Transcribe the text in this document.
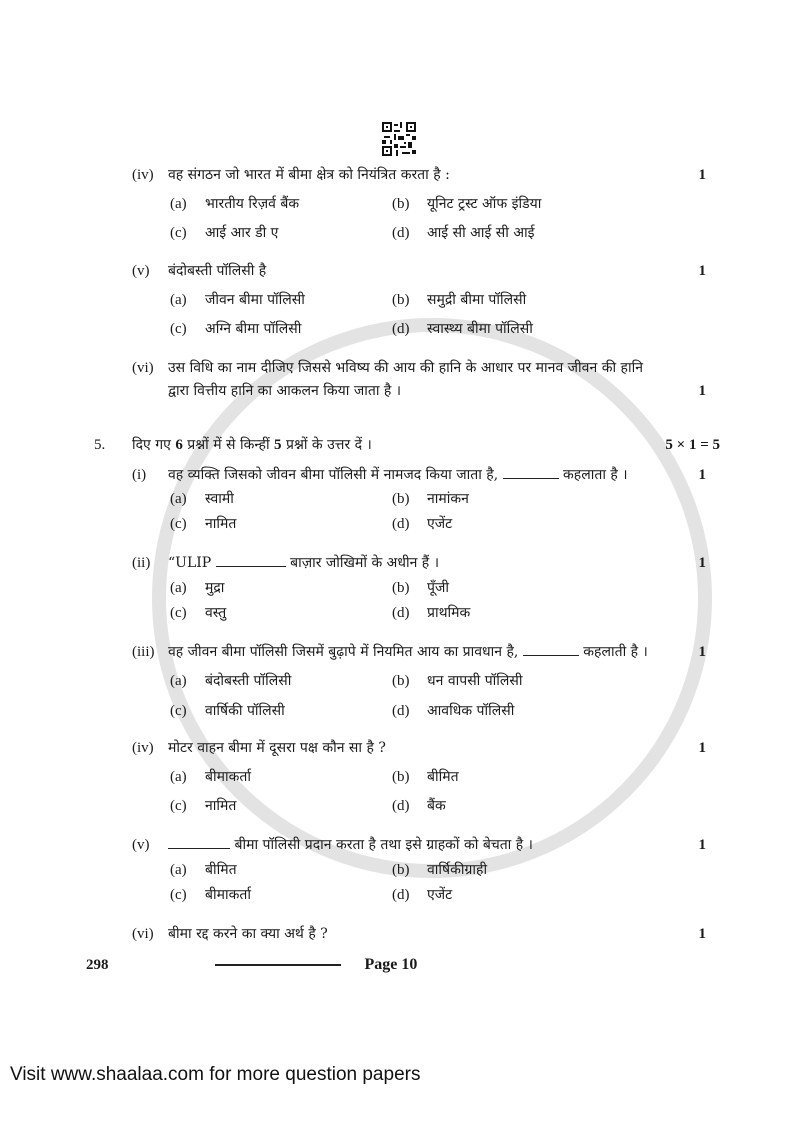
(iv)	वह संगठन जो भारत में बीमा क्षेत्र को नियंत्रित करता है :	1
(a)	भारतीय रिज़र्व बैंक	(b)	यूनिट ट्रस्ट ऑफ इंडिया
(c)	आई आर डी ए	(d)	आई सी आई सी आई
(v)	बंदोबस्ती पॉलिसी है	1
(a)	जीवन बीमा पॉलिसी	(b)	समुद्री बीमा पॉलिसी
(c)	अग्नि बीमा पॉलिसी	(d)	स्वास्थ्य बीमा पॉलिसी
(vi)	उस विधि का नाम दीजिए जिससे भविष्य की आय की हानि के आधार पर मानव जीवन की हानि
द्वारा वित्तीय हानि का आकलन किया जाता है ।	1
5.	दिए गए 6 प्रश्नों में से किन्हीं 5 प्रश्नों के उत्तर दें ।	5 × 1 = 5
(i)	वह व्यक्ति जिसको जीवन बीमा पॉलिसी में नामजद किया जाता है,	कहलाता है ।	1
(a)	स्वामी	(b)	नामांकन
(c)	नामित	(d)	एजेंट
(ii)	“ULIP	बाज़ार जोखिमों के अधीन हैं ।	1
(a)	मुद्रा	(b)	पूँजी
(c)	वस्तु	(d)	प्राथमिक
(iii) वह जीवन बीमा पॉलिसी जिसमें बुढ़ापे में नियमित आय का प्रावधान है,	कहलाती है ।	1
(a)	बंदोबस्ती पॉलिसी	(b)	धन वापसी पॉलिसी
(c)	वार्षिकी पॉलिसी	(d)	आवधिक पॉलिसी
(iv)	मोटर वाहन बीमा में दूसरा पक्ष कौन सा है ?	1
(a)	बीमाकर्ता	(b)	बीमित
(c)	नामित	(d)	बैंक
(v)	बीमा पॉलिसी प्रदान करता है तथा इसे ग्राहकों को बेचता है ।	1
(a)	बीमित	(b)	वार्षिकीग्राही
(c)	बीमाकर्ता	(d)	एजेंट
(vi)	बीमा रद्द करने का क्या अर्थ है ?	1
298	Page 10
Visit www.shaalaa.com for more question papers
